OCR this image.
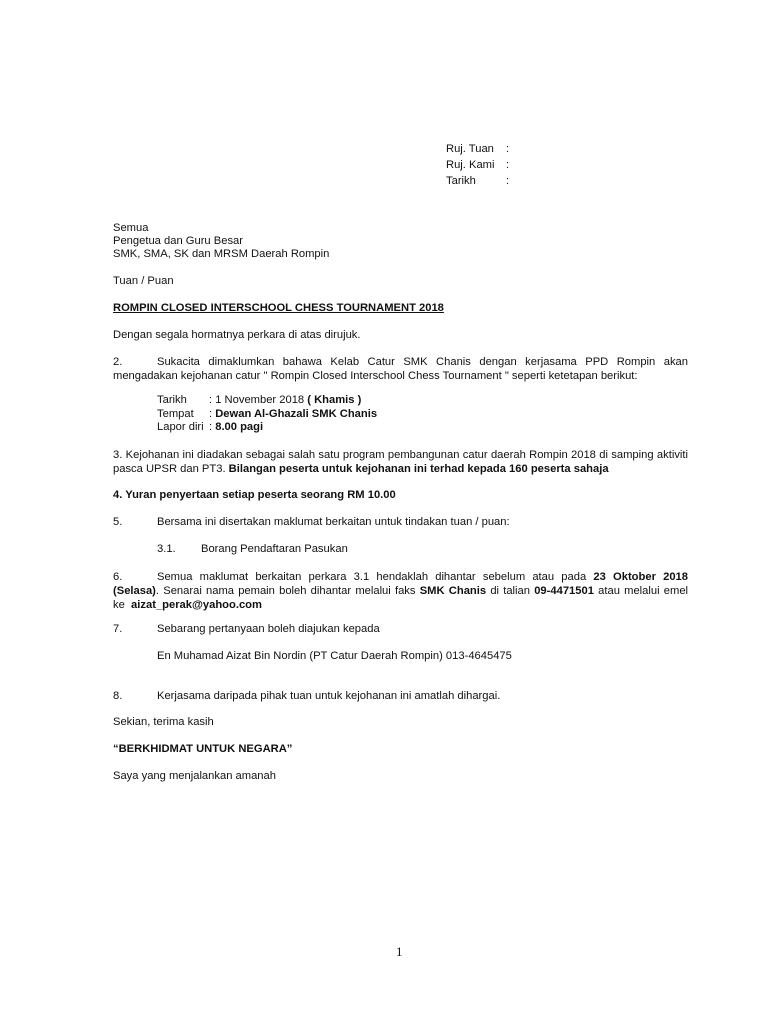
Ruj. Tuan :
Ruj. Kami :
Tarikh	:
Semua
Pengetua dan Guru Besar
SMK, SMA, SK dan MRSM Daerah Rompin
Tuan / Puan
ROMPIN CLOSED INTERSCHOOL CHESS TOURNAMENT 2018
Dengan segala hormatnya perkara di atas dirujuk.
2.	Sukacita dimaklumkan bahawa Kelab Catur SMK Chanis dengan kerjasama PPD Rompin akan mengadakan kejohanan catur " Rompin Closed Interschool Chess Tournament " seperti ketetapan berikut:
Tarikh : 1 November 2018 ( Khamis )
Tempat : Dewan Al-Ghazali SMK Chanis
Lapor diri : 8.00 pagi
3. Kejohanan ini diadakan sebagai salah satu program pembangunan catur daerah Rompin 2018 di samping aktiviti pasca UPSR dan PT3. Bilangan peserta untuk kejohanan ini terhad kepada 160 peserta sahaja
4. Yuran penyertaan setiap peserta seorang RM 10.00
5.	Bersama ini disertakan maklumat berkaitan untuk tindakan tuan / puan:
3.1. Borang Pendaftaran Pasukan
6.	Semua maklumat berkaitan perkara 3.1 hendaklah dihantar sebelum atau pada 23 Oktober 2018 (Selasa). Senarai nama pemain boleh dihantar melalui faks SMK Chanis di talian 09-4471501 atau melalui emel ke aizat_perak@yahoo.com
7.	Sebarang pertanyaan boleh diajukan kepada
En Muhamad Aizat Bin Nordin (PT Catur Daerah Rompin) 013-4645475
8.	Kerjasama daripada pihak tuan untuk kejohanan ini amatlah dihargai.
Sekian, terima kasih
“BERKHIDMAT UNTUK NEGARA”
Saya yang menjalankan amanah
1
